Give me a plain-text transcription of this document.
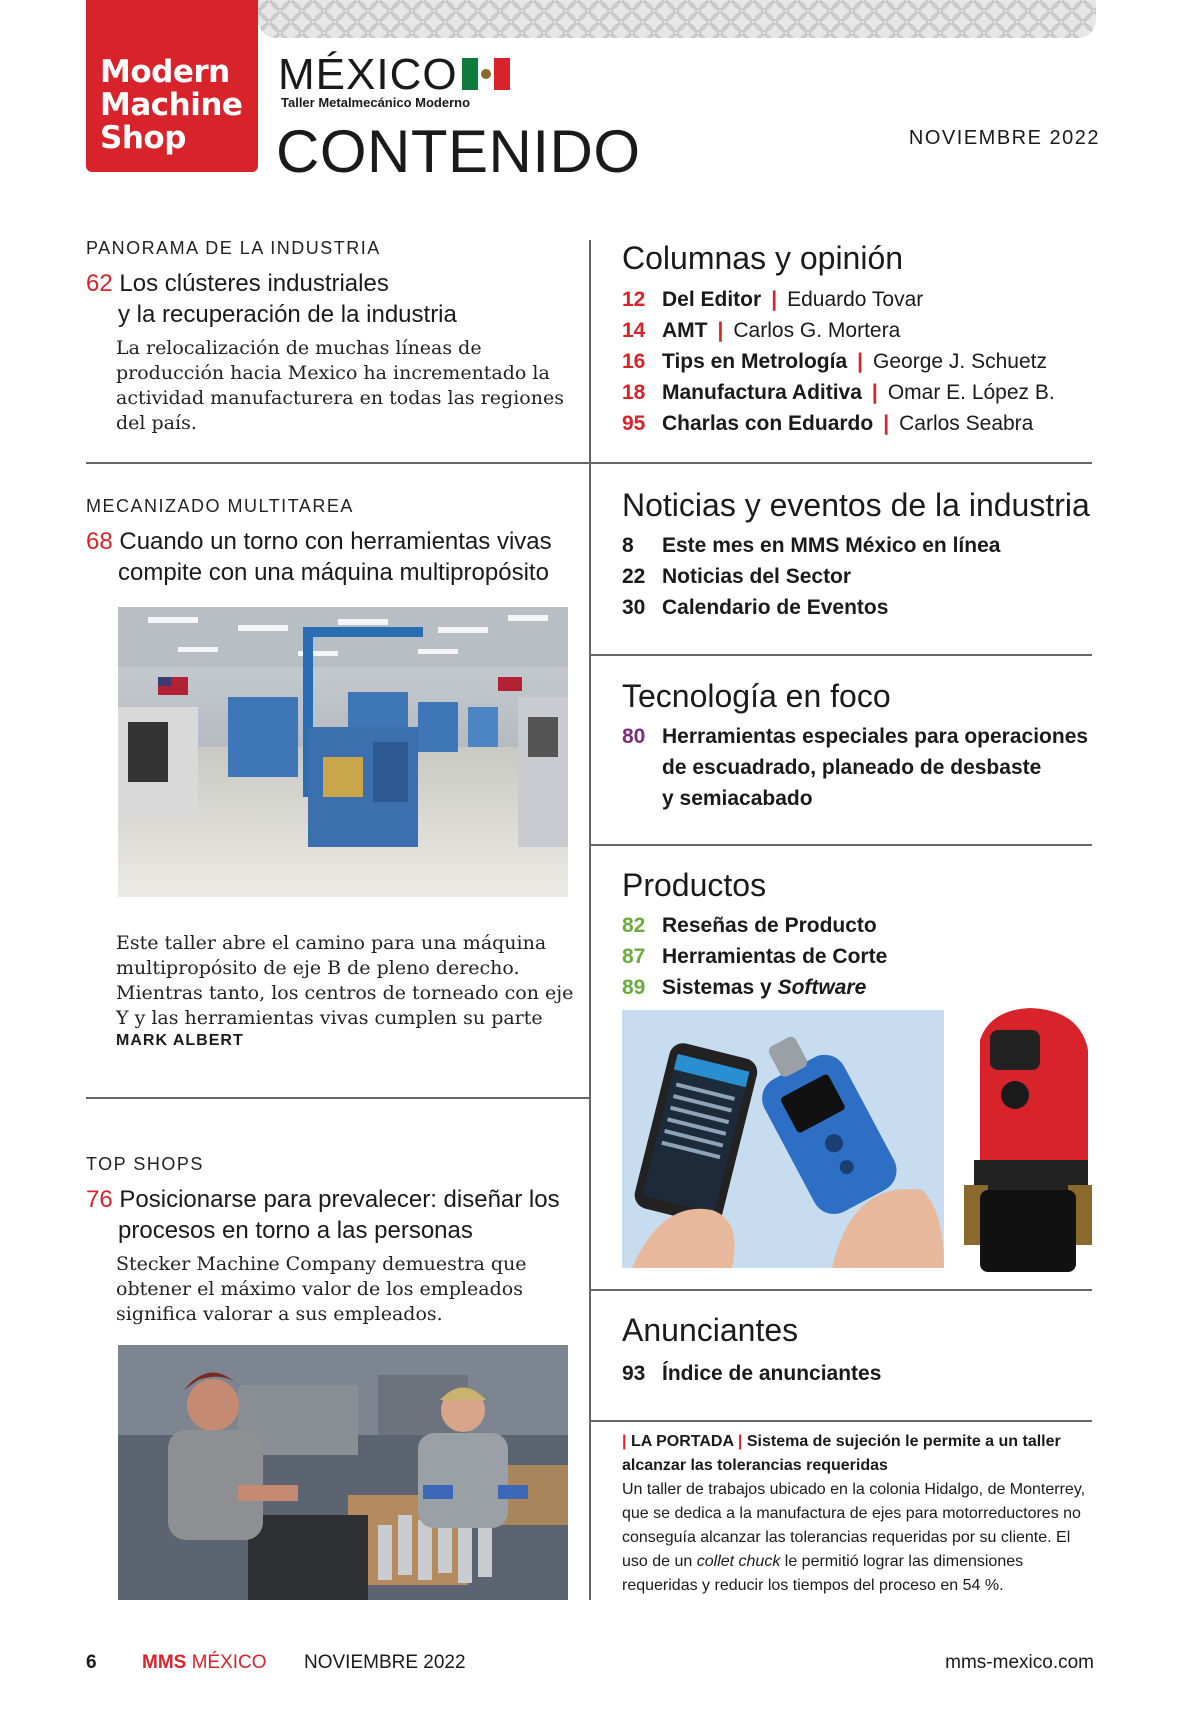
Modern
Machine
Shop
MÉXICO
Taller Metalmecánico Moderno
CONTENIDO	NOVIEMBRE 2022
PANORAMA DE LA INDUSTRIA
62 Los clústeres industriales
y la recuperación de la industria
La relocalización de muchas líneas de producción hacia Mexico ha incrementado la actividad manufacturera en todas las regiones del país.
MECANIZADO MULTITAREA
68 Cuando un torno con herramientas vivas
compite con una máquina multipropósito
Este taller abre el camino para una máquina multipropósito de eje B de pleno derecho. Mientras tanto, los centros de torneado con eje Y y las herramientas vivas cumplen su parte
MARK ALBERT
TOP SHOPS
76 Posicionarse para prevalecer: diseñar los
procesos en torno a las personas
Stecker Machine Company demuestra que obtener el máximo valor de los empleados significa valorar a sus empleados.
Columnas y opinión
12 Del Editor | Eduardo Tovar
14 AMT | Carlos G. Mortera
16 Tips en Metrología | George J. Schuetz
18 Manufactura Aditiva | Omar E. López B.
95 Charlas con Eduardo | Carlos Seabra
Noticias y eventos de la industria
8	Este mes en MMS México en línea
22 Noticias del Sector
30 Calendario de Eventos
Tecnología en foco
80 Herramientas especiales para operaciones
de escuadrado, planeado de desbaste
y semiacabado
Productos
82 Reseñas de Producto
87 Herramientas de Corte
89 Sistemas y Software
Anunciantes
93 Índice de anunciantes
| LA PORTADA | Sistema de sujeción le permite a un taller alcanzar las tolerancias requeridas
Un taller de trabajos ubicado en la colonia Hidalgo, de Monterrey, que se dedica a la manufactura de ejes para motorreductores no conseguía alcanzar las tolerancias requeridas por su cliente. El uso de un collet chuck le permitió lograr las dimensiones requeridas y reducir los tiempos del proceso en 54 %.
6 MMS MÉXICO NOVIEMBRE 2022	mms-mexico.com
